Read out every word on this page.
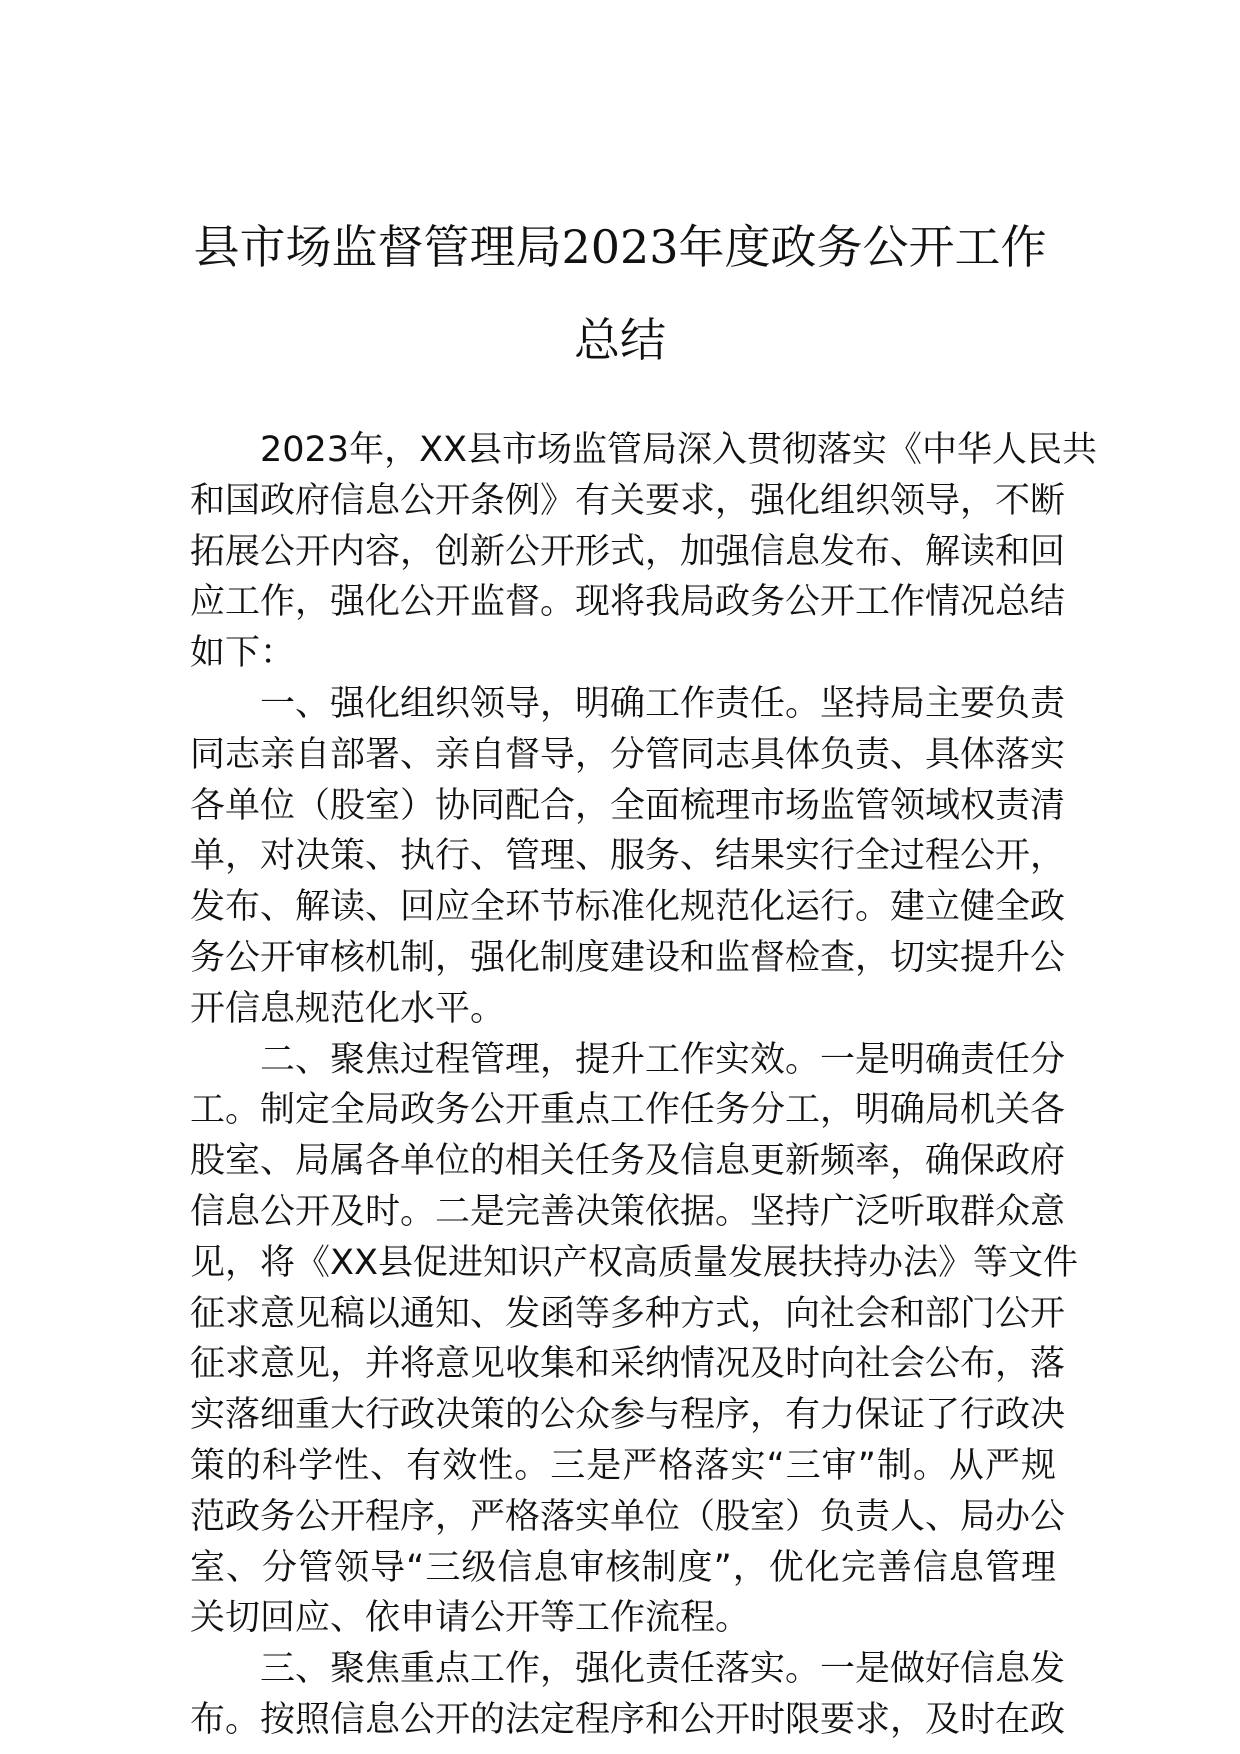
县市场监督管理局2023年度政务公开工作
总结
2023年，XX县市场监管局深入贯彻落实《中华人民共
和国政府信息公开条例》有关要求，强化组织领导，不断
拓展公开内容，创新公开形式，加强信息发布、解读和回
应工作，强化公开监督。现将我局政务公开工作情况总结
如下：
一、强化组织领导，明确工作责任。坚持局主要负责
同志亲自部署、亲自督导，分管同志具体负责、具体落实
各单位（股室）协同配合，全面梳理市场监管领域权责清
单，对决策、执行、管理、服务、结果实行全过程公开，
发布、解读、回应全环节标准化规范化运行。建立健全政
务公开审核机制，强化制度建设和监督检查，切实提升公
开信息规范化水平。
二、聚焦过程管理，提升工作实效。一是明确责任分
工。制定全局政务公开重点工作任务分工，明确局机关各
股室、局属各单位的相关任务及信息更新频率，确保政府
信息公开及时。二是完善决策依据。坚持广泛听取群众意
见，将《XX县促进知识产权高质量发展扶持办法》等文件
征求意见稿以通知、发函等多种方式，向社会和部门公开
征求意见，并将意见收集和采纳情况及时向社会公布，落
实落细重大行政决策的公众参与程序，有力保证了行政决
策的科学性、有效性。三是严格落实“三审”制。从严规
范政务公开程序，严格落实单位（股室）负责人、局办公
室、分管领导“三级信息审核制度”，优化完善信息管理
关切回应、依申请公开等工作流程。
三、聚焦重点工作，强化责任落实。一是做好信息发
布。按照信息公开的法定程序和公开时限要求，及时在政
